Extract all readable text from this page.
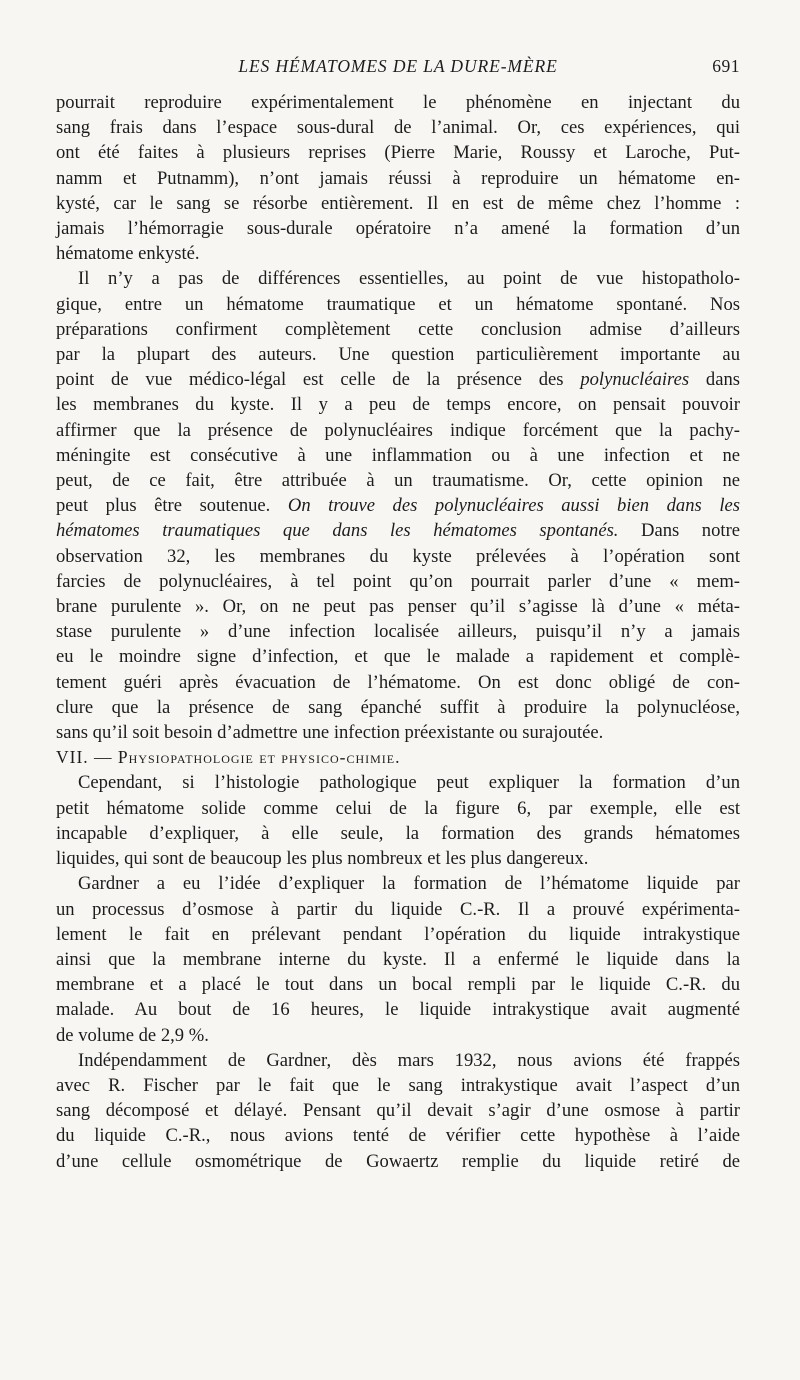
LES HÉMATOMES DE LA DURE-MÈRE	691

pourrait reproduire expérimentalement le phénomène en injectant du
sang frais dans l’espace sous-dural de l’animal. Or, ces expériences, qui
ont été faites à plusieurs reprises (Pierre Marie, Roussy et Laroche, Put-
namm et Putnamm), n’ont jamais réussi à reproduire un hématome en-
kysté, car le sang se résorbe entièrement. Il en est de même chez l’homme :
jamais l’hémorragie sous-durale opératoire n’a amené la formation d’un
hématome enkysté.

Il n’y a pas de différences essentielles, au point de vue histopatholo-
gique, entre un hématome traumatique et un hématome spontané. Nos
préparations confirment complètement cette conclusion admise d’ailleurs
par la plupart des auteurs. Une question particulièrement importante au
point de vue médico-légal est celle de la présence des polynucléaires dans
les membranes du kyste. Il y a peu de temps encore, on pensait pouvoir
affirmer que la présence de polynucléaires indique forcément que la pachy-
méningite est consécutive à une inflammation ou à une infection et ne
peut, de ce fait, être attribuée à un traumatisme. Or, cette opinion ne
peut plus être soutenue. On trouve des polynucléaires aussi bien dans les
hématomes traumatiques que dans les hématomes spontanés. Dans notre
observation 32, les membranes du kyste prélevées à l’opération sont
farcies de polynucléaires, à tel point qu’on pourrait parler d’une « mem-
brane purulente ». Or, on ne peut pas penser qu’il s’agisse là d’une « méta-
stase purulente » d’une infection localisée ailleurs, puisqu’il n’y a jamais
eu le moindre signe d’infection, et que le malade a rapidement et complè-
tement guéri après évacuation de l’hématome. On est donc obligé de con-
clure que la présence de sang épanché suffit à produire la polynucléose,
sans qu’il soit besoin d’admettre une infection préexistante ou surajoutée.

VII. — Physiopathologie et physico-chimie.

Cependant, si l’histologie pathologique peut expliquer la formation d’un
petit hématome solide comme celui de la figure 6, par exemple, elle est
incapable d’expliquer, à elle seule, la formation des grands hématomes
liquides, qui sont de beaucoup les plus nombreux et les plus dangereux.

Gardner a eu l’idée d’expliquer la formation de l’hématome liquide par
un processus d’osmose à partir du liquide C.-R. Il a prouvé expérimenta-
lement le fait en prélevant pendant l’opération du liquide intrakystique
ainsi que la membrane interne du kyste. Il a enfermé le liquide dans la
membrane et a placé le tout dans un bocal rempli par le liquide C.-R. du
malade. Au bout de 16 heures, le liquide intrakystique avait augmenté
de volume de 2,9 %.

Indépendamment de Gardner, dès mars 1932, nous avions été frappés
avec R. Fischer par le fait que le sang intrakystique avait l’aspect d’un
sang décomposé et délayé. Pensant qu’il devait s’agir d’une osmose à partir
du liquide C.-R., nous avions tenté de vérifier cette hypothèse à l’aide
d’une cellule osmométrique de Gowaertz remplie du liquide retiré de
